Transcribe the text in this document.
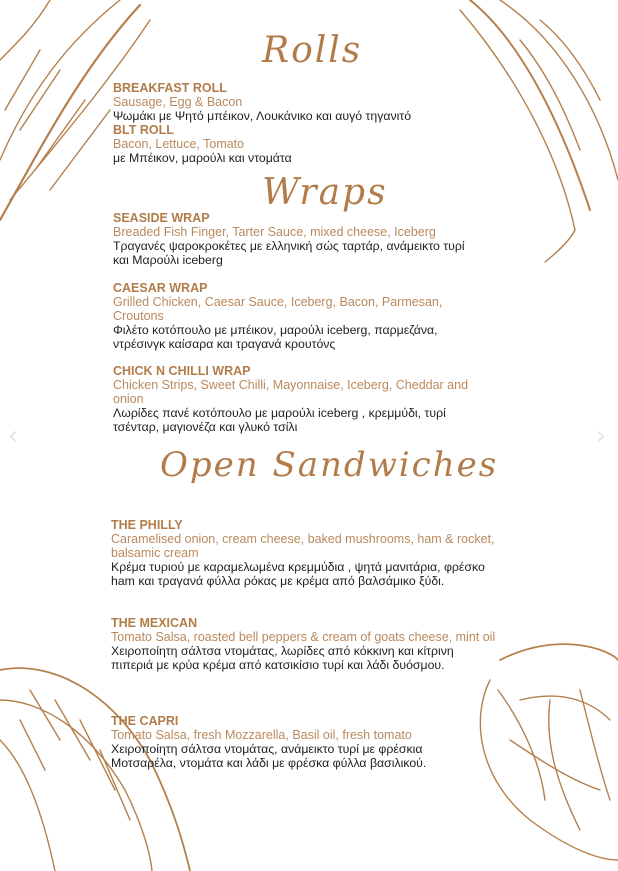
‹	›
Rolls
BREAKFAST ROLL
Sausage, Egg & Bacon
Ψωμάκι με Ψητό μπέικον, Λουκάνικο και αυγό τηγανιτό
BLT ROLL
Bacon, Lettuce, Tomato
με Μπέικον, μαρούλι και ντομάτα
Wraps
SEASIDE WRAP
Breaded Fish Finger, Tarter Sauce, mixed cheese, Iceberg
Τραγανές ψαροκροκέτες με ελληνική σώς ταρτάρ, ανάμεικτο τυρί και Μαρούλι iceberg
CAESAR WRAP
Grilled Chicken, Caesar Sauce, Iceberg, Bacon, Parmesan, Croutons
Φιλέτο κοτόπουλο με μπέικον, μαρούλι iceberg, παρμεζάνα, ντρέσινγκ καίσαρα και τραγανά κρουτόνς
CHICK N CHILLI WRAP
Chicken Strips, Sweet Chilli, Mayonnaise, Iceberg, Cheddar and onion
Λωρίδες πανέ κοτόπουλο με μαρούλι iceberg , κρεμμύδι, τυρί τσένταρ, μαγιονέζα και γλυκό τσίλι
Open Sandwiches
THE PHILLY
Caramelised onion, cream cheese, baked mushrooms, ham & rocket, balsamic cream
Κρέμα τυριού με καραμελωμένα κρεμμύδια , ψητά μανιτάρια, φρέσκο ham και τραγανά φύλλα ρόκας με κρέμα από βαλσάμικο ξύδι.
THE MEXICAN
Tomato Salsa, roasted bell peppers & cream of goats cheese, mint oil
Χειροποίητη σάλτσα ντομάτας, λωρίδες από κόκκινη και κίτρινη πιπεριά με κρύα κρέμα από κατσικίσιο τυρί και λάδι δυόσμου.
THE CAPRI
Tomato Salsa, fresh Mozzarella, Basil oil, fresh tomato
Χειροποίητη σάλτσα ντομάτας, ανάμεικτο τυρί με φρέσκια Μοτσαρέλα, ντομάτα και λάδι με φρέσκα φύλλα βασιλικού.
